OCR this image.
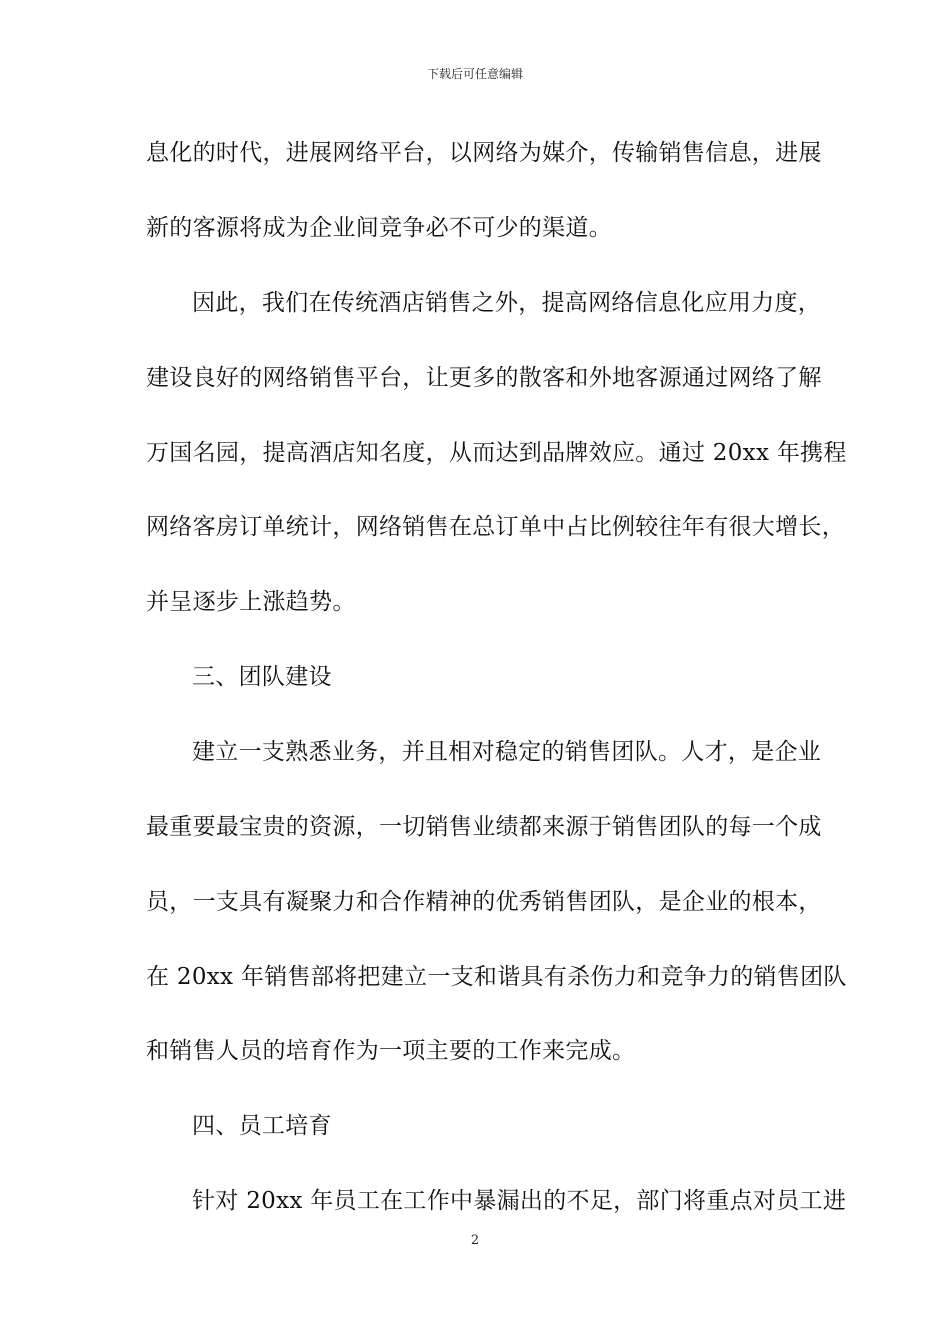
下载后可任意编辑
息化的时代，进展网络平台，以网络为媒介，传输销售信息，进展
新的客源将成为企业间竞争必不可少的渠道。
因此，我们在传统酒店销售之外，提高网络信息化应用力度，
建设良好的网络销售平台，让更多的散客和外地客源通过网络了解
万国名园，提高酒店知名度，从而达到品牌效应。通过 20xx 年携程
网络客房订单统计，网络销售在总订单中占比例较往年有很大增长，
并呈逐步上涨趋势。
三、团队建设
建立一支熟悉业务，并且相对稳定的销售团队。人才，是企业
最重要最宝贵的资源，一切销售业绩都来源于销售团队的每一个成
员，一支具有凝聚力和合作精神的优秀销售团队，是企业的根本，
在 20xx 年销售部将把建立一支和谐具有杀伤力和竞争力的销售团队
和销售人员的培育作为一项主要的工作来完成。
四、员工培育
针对 20xx 年员工在工作中暴漏出的不足，部门将重点对员工进
2
